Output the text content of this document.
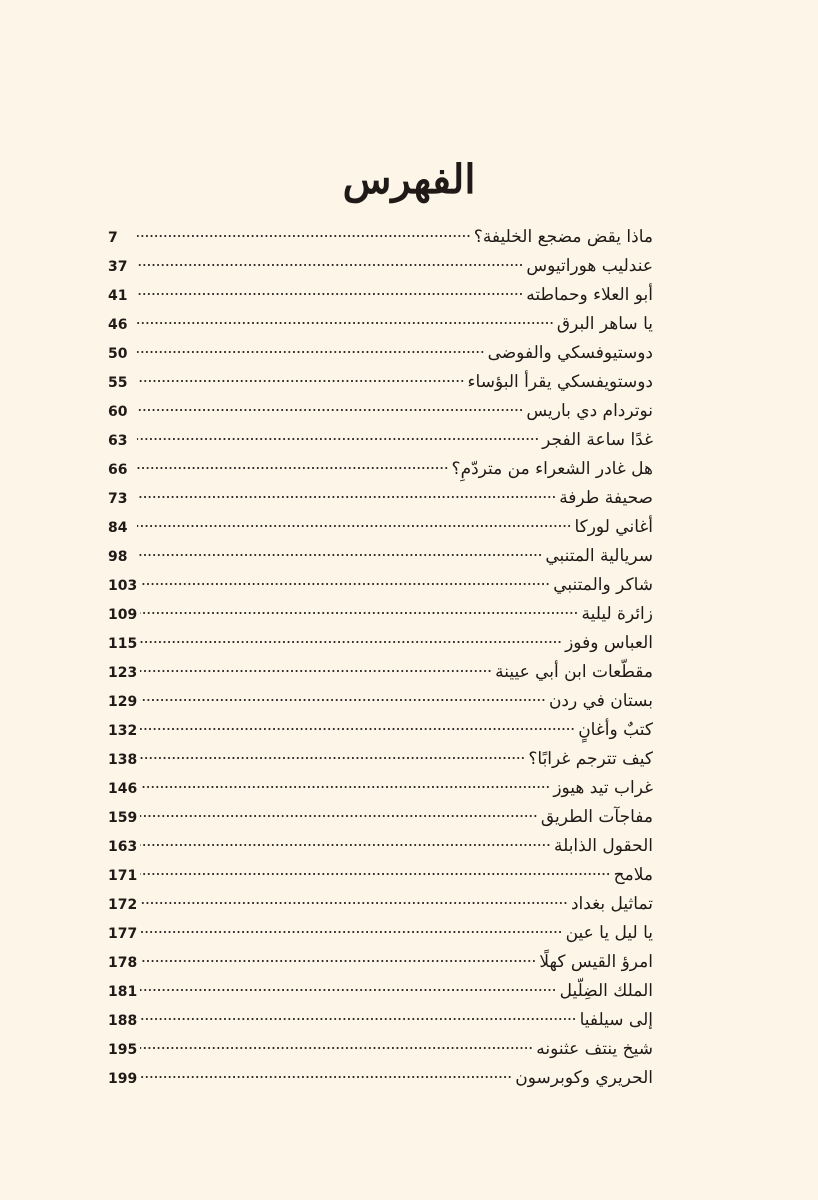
الفهرس
ماذا يقض مضجع الخليفة؟
7
عندليب هوراتيوس
37
أبو العلاء وحماطته
41
يا ساهر البرق
46
دوستيوفسكي والفوضى
50
دوستويفسكي يقرأ البؤساء
55
نوتردام دي باريس
60
غدًا ساعة الفجر
63
هل غادر الشعراء من متردّمِ؟
66
صحيفة طرفة
73
أغاني لوركا
84
سريالية المتنبي
98
شاكر والمتنبي
103
زائرة ليلية
109
العباس وفوز
115
مقطّعات ابن أبي عيينة
123
بستان في ردن
129
كتبٌ وأغانٍ
132
كيف تترجم غرابًا؟
138
غراب تيد هيوز
146
مفاجآت الطريق
159
الحقول الذابلة
163
ملامح
171
تماثيل بغداد
172
يا ليل يا عين
177
امرؤ القيس كهلًا
178
الملك الضِلّيل
181
إلى سيلفيا
188
شيخ ينتف عثنونه
195
الحريري وكوبرسون
199
